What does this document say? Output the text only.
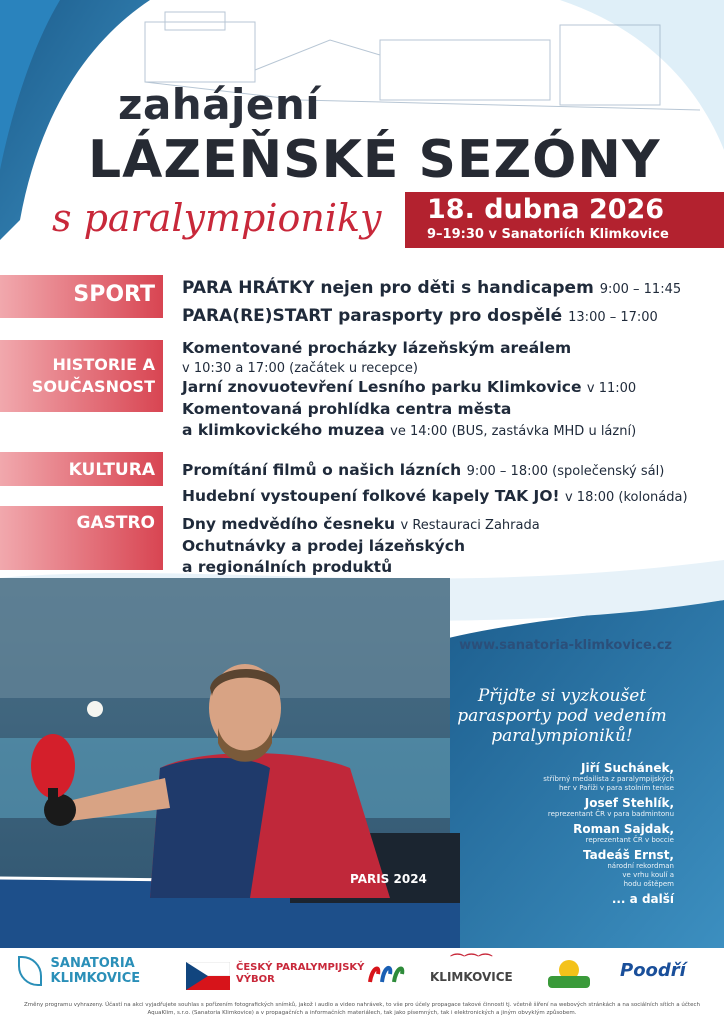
zahájení
LÁZEŇSKÉ SEZÓNY
s paralympioniky 18. dubna 2026
9–19:30 v Sanatoriích Klimkovice
SPORT
HISTORIE A
SOUČASNOST
KULTURA
GASTRO
PARA HRÁTKY nejen pro děti s handicapem 9:00 – 11:45
PARA(RE)START parasporty pro dospělé 13:00 – 17:00
Komentované procházky lázeňským areálem
v 10:30 a 17:00 (začátek u recepce)
Jarní znovuotevření Lesního parku Klimkovice v 11:00
Komentovaná prohlídka centra města
a klimkovického muzea ve 14:00 (BUS, zastávka MHD u lázní)
Promítání filmů o našich lázních 9:00 – 18:00 (společenský sál)
Hudební vystoupení folkové kapely TAK JO! v 18:00 (kolonáda)
Dny medvědího česneku v Restauraci Zahrada
Ochutnávky a prodej lázeňských
a regionálních produktů
PARIS 2024
www.sanatoria-klimkovice.cz
Přijďte si vyzkoušet
parasporty pod vedením
paralympioniků!
Jiří Suchánek,
stříbrný medailista z paralympijských
her v Paříži v para stolním tenise
Josef Stehlík,
reprezentant ČR v para badmintonu
Roman Sajdak,
reprezentant ČR v boccie
Tadeáš Ernst,
národní rekordman
ve vrhu koulí a
hodu oštěpem
... a další

SANATORIA
KLIMKOVICE
ČESKÝ PARALYMPIJSKÝ
VÝBOR
⌒⌒⌒
KLIMKOVICE	Poodří
Změny programu vyhrazeny. Účastí na akci vyjadřujete souhlas s pořízením fotografických snímků, jakož i audio a video nahrávek, to vše pro účely propagace takové činnosti tj. včetně šíření na webových stránkách a na sociálních sítích a účtech AquaKlim, s.r.o. (Sanatoria Klimkovice) a v propagačních a informačních materiálech, tak jako písemných, tak i elektronických a jiným obvyklým způsobem.
